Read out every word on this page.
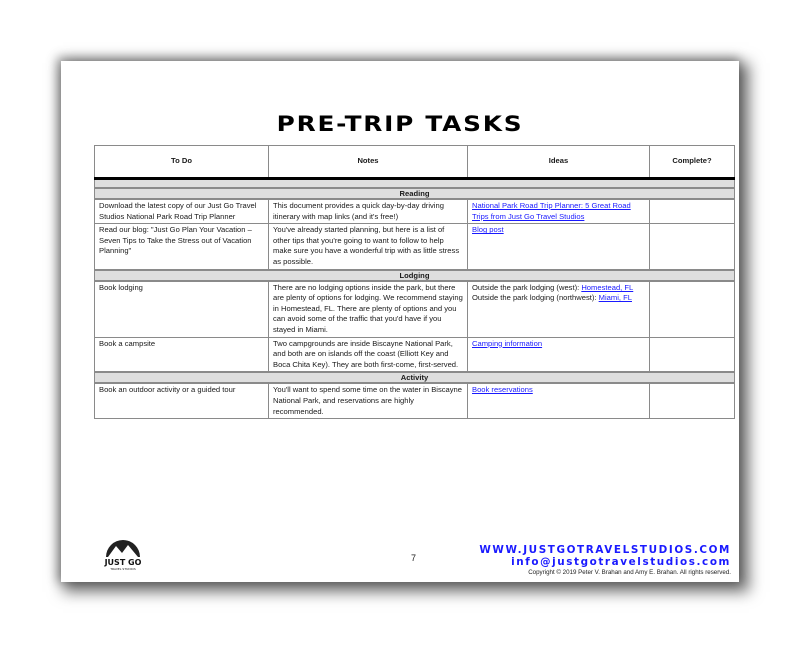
PRE-TRIP TASKS
To Do	Notes	Ideas	Complete?

Reading			
Download the latest copy of our Just Go Travel Studios National Park Road Trip Planner	This document provides a quick day-by-day driving itinerary with map links (and it's free!)	National Park Road Trip Planner: 5 Great Road Trips from Just Go Travel Studios	
Read our blog: "Just Go Plan Your Vacation – Seven Tips to Take the Stress out of Vacation Planning"	You've already started planning, but here is a list of other tips that you're going to want to follow to help make sure you have a wonderful trip with as little stress as possible.	Blog post	
Lodging			
Book lodging	There are no lodging options inside the park, but there are plenty of options for lodging. We recommend staying in Homestead, FL. There are plenty of options and you can avoid some of the traffic that you'd have if you stayed in Miami.	Outside the park lodging (west): Homestead, FL
Outside the park lodging (northwest): Miami, FL	

Book a campsite	Two campgrounds are inside Biscayne National Park, and both are on islands off the coast (Elliott Key and Boca Chita Key). They are both first-come, first-served.	Camping information	
Activity			
Book an outdoor activity or a guided tour	You'll want to spend some time on the water in Biscayne National Park, and reservations are highly recommended.	Book reservations	
JUST GO
TRAVEL STUDIOS
7
WWW.JUSTGOTRAVELSTUDIOS.COM
info@justgotravelstudios.com
Copyright © 2019 Peter V. Brahan and Amy E. Brahan. All rights reserved.
